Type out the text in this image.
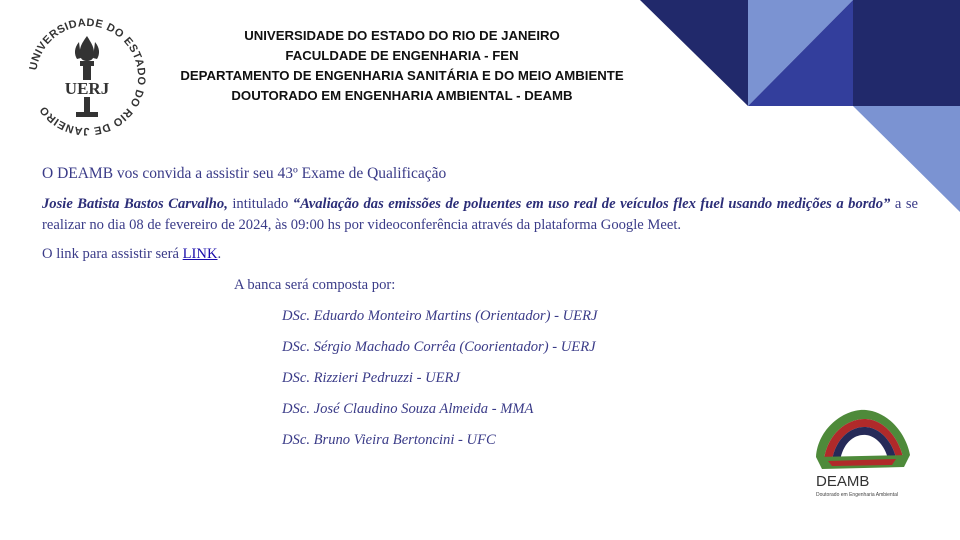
UNIVERSIDADE DO ESTADO DO RIO DE JANEIRO
UERJ
UNIVERSIDADE DO ESTADO DO RIO DE JANEIRO
FACULDADE DE ENGENHARIA - FEN
DEPARTAMENTO DE ENGENHARIA SANITÁRIA E DO MEIO AMBIENTE
DOUTORADO EM ENGENHARIA AMBIENTAL - DEAMB

O DEAMB vos convida a assistir seu 43º Exame de Qualificação

Josie Batista Bastos Carvalho, intitulado “Avaliação das emissões de poluentes em uso real de veículos flex fuel usando medições a bordo” a se realizar no dia 08 de fevereiro de 2024, às 09:00 hs por videoconferência através da plataforma Google Meet.

O link para assistir será LINK.

A banca será composta por:

DSc. Eduardo Monteiro Martins (Orientador) - UERJ
DSc. Sérgio Machado Corrêa (Coorientador) - UERJ
DSc. Rizzieri Pedruzzi - UERJ
DSc. José Claudino Souza Almeida - MMA
DSc. Bruno Vieira Bertoncini - UFC
DEAMB
Doutorado em Engenharia Ambiental
